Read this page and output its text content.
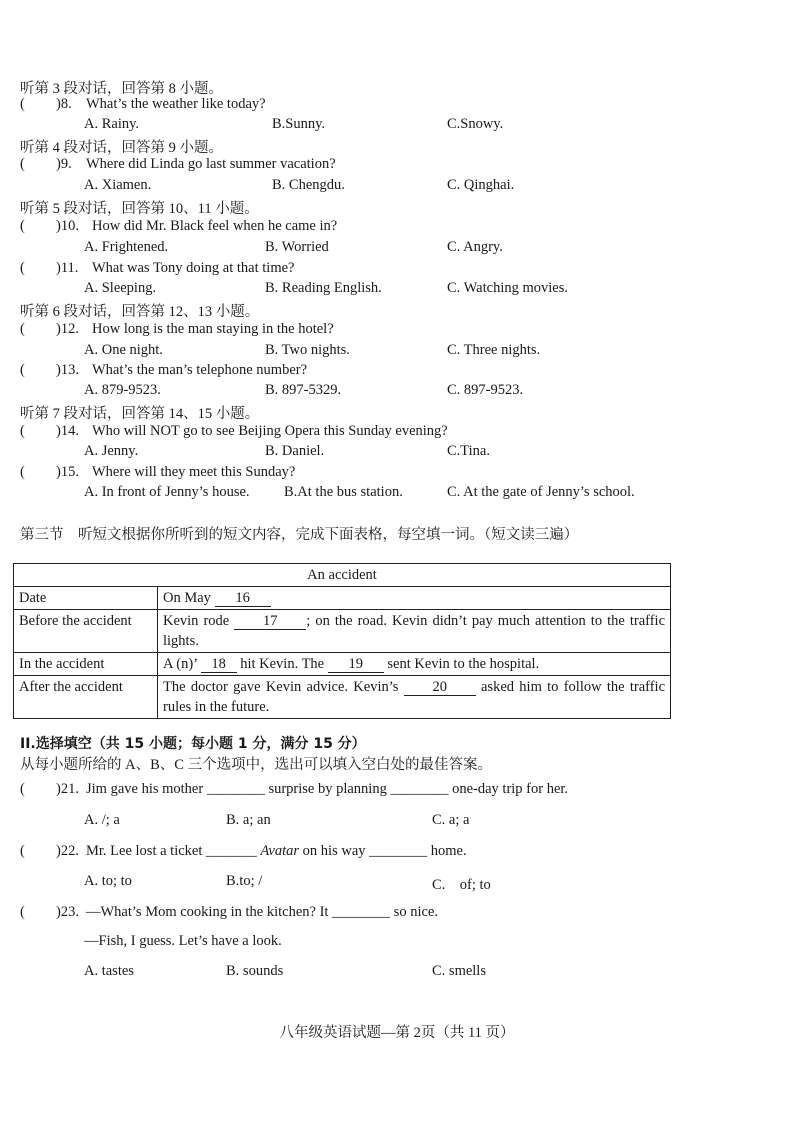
听第 3 段对话，回答第 8 小题。
( )8. What’s the weather like today?
A. Rainy.	B.Sunny.	C.Snowy.
听第 4 段对话，回答第 9 小题。
( )9. Where did Linda go last summer vacation?
A. Xiamen.	B. Chengdu.	C. Qinghai.
听第 5 段对话，回答第 10、11 小题。
( )10. How did Mr. Black feel when he came in?
A. Frightened.	B. Worried	C. Angry.
( )11. What was Tony doing at that time?
A. Sleeping.	B. Reading English.	C. Watching movies.
听第 6 段对话，回答第 12、13 小题。
( )12. How long is the man staying in the hotel?
A. One night.	B. Two nights.	C. Three nights.
( )13. What’s the man’s telephone number?
A. 879-9523.	B. 897-5329.	C. 897-9523.
听第 7 段对话，回答第 14、15 小题。
( )14. Who will NOT go to see Beijing Opera this Sunday evening?
A. Jenny.	B. Daniel.	C.Tina.
( )15. Where will they meet this Sunday?
A. In front of Jenny’s house. B.At the bus station.	C. At the gate of Jenny’s school.
第三节　听短文根据你所听到的短文内容，完成下面表格，每空填一词。（短文读三遍）
An accident	
Date	On May 16
Before the accident	Kevin rode 17 ; on the road. Kevin didn’t pay much attention to the traffic lights.
In the accident	A (n)’ 18 hit Kevin. The 19 sent Kevin to the hospital.
After the accident	The doctor gave Kevin advice. Kevin’s 20 asked him to follow the traffic rules in the future.
II.选择填空（共 15 小题；每小题 1 分，满分 15 分）
从每小题所给的 A、B、C 三个选项中，选出可以填入空白处的最佳答案。
( )21. Jim gave his mother ________ surprise by planning ________ one-day trip for her.
A. /; a	B. a; an	C. a; a
( )22. Mr. Lee lost a ticket _______ Avatar on his way ________ home.
A. to; to	B.to; /	C.　of; to
( )23. —What’s Mom cooking in the kitchen? It ________ so nice.
—Fish, I guess. Let’s have a look.
A. tastes	B. sounds	C. smells
八年级英语试题—第 2页（共 11 页）
